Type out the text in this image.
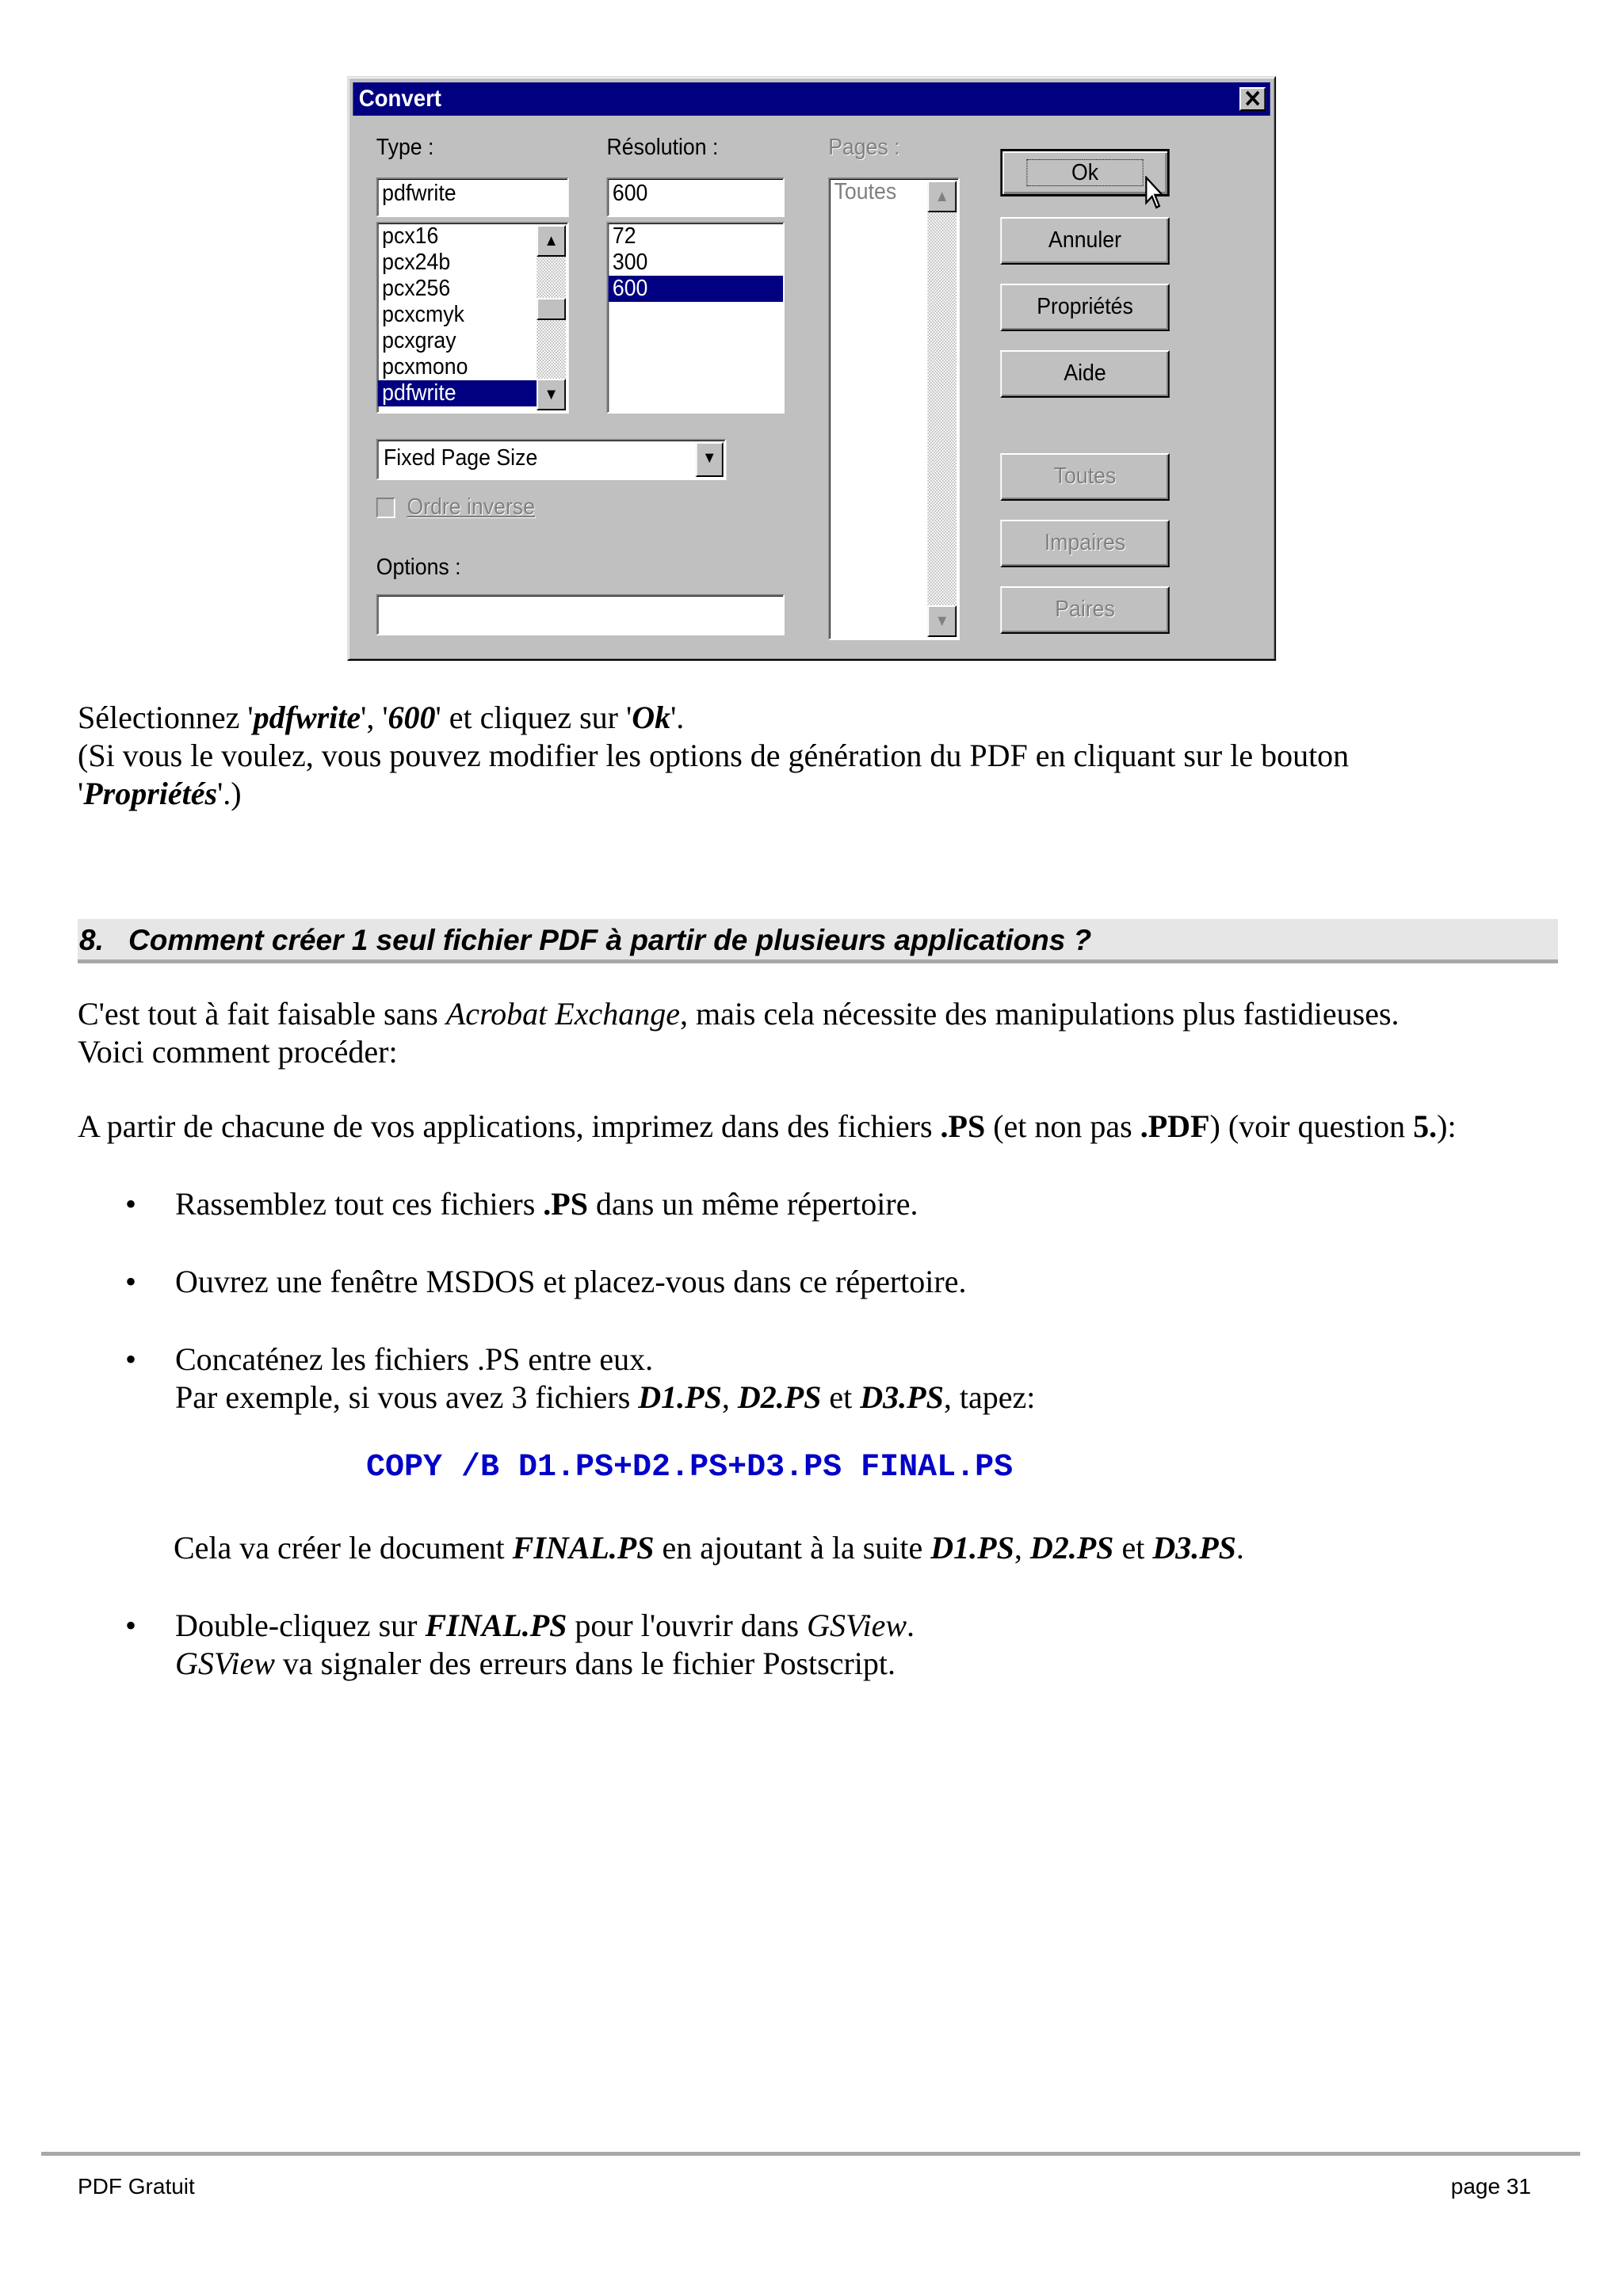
Convert	✕
Type :
pdfwrite
pcx16
pcx24b
pcx256
pcxcmyk
pcxgray
pcxmono
pdfwrite
▲
▼
Résolution :
600
72
300
600
Pages :
Toutes	▲
▼
Fixed Page Size	▼
Ordre inverse
Options :
Ok
Annuler
Propriétés
Aide
Toutes
Impaires
Paires
Sélectionnez 'pdfwrite', '600' et cliquez sur 'Ok'.
(Si vous le voulez, vous pouvez modifier les options de génération du PDF en cliquant sur le bouton
'Propriétés'.)
8. Comment créer 1 seul fichier PDF à partir de plusieurs applications ?
C'est tout à fait faisable sans Acrobat Exchange, mais cela nécessite des manipulations plus fastidieuses.
Voici comment procéder:
A partir de chacune de vos applications, imprimez dans des fichiers .PS (et non pas .PDF) (voir question 5.):
• Rassemblez tout ces fichiers .PS dans un même répertoire.
• Ouvrez une fenêtre MSDOS et placez-vous dans ce répertoire.
• Concaténez les fichiers .PS entre eux.
Par exemple, si vous avez 3 fichiers D1.PS, D2.PS et D3.PS, tapez:
COPY /B D1.PS+D2.PS+D3.PS FINAL.PS
Cela va créer le document FINAL.PS en ajoutant à la suite D1.PS, D2.PS et D3.PS.
• Double-cliquez sur FINAL.PS pour l'ouvrir dans GSView.
GSView va signaler des erreurs dans le fichier Postscript.
PDF Gratuit	page 31
